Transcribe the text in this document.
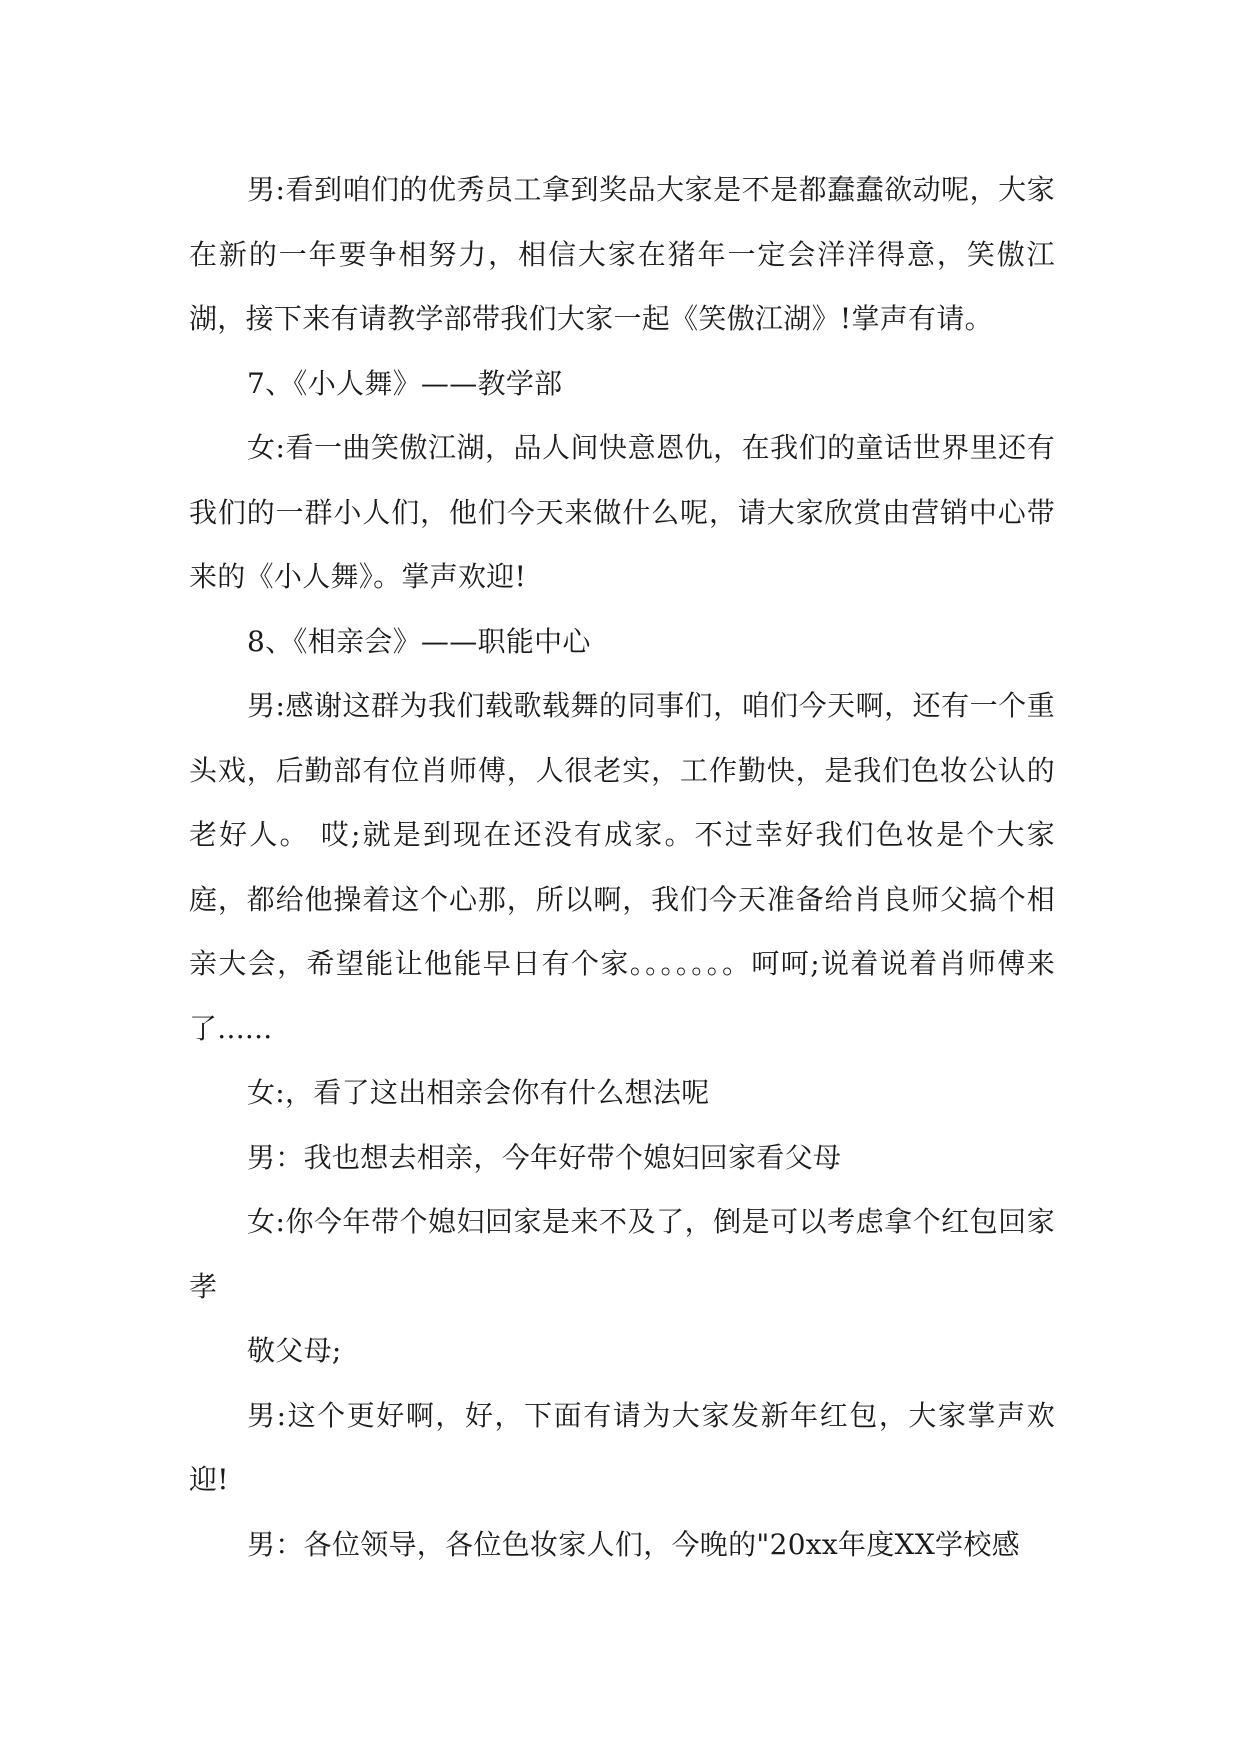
男:看到咱们的优秀员工拿到奖品大家是不是都蠢蠢欲动呢，大家在新的一年要争相努力，相信大家在猪年一定会洋洋得意，笑傲江湖，接下来有请教学部带我们大家一起《笑傲江湖》!掌声有请。

7、《小人舞》——教学部

女:看一曲笑傲江湖，品人间快意恩仇，在我们的童话世界里还有我们的一群小人们，他们今天来做什么呢，请大家欣赏由营销中心带来的《小人舞》。掌声欢迎!

8、《相亲会》——职能中心

男:感谢这群为我们载歌载舞的同事们，咱们今天啊，还有一个重头戏，后勤部有位肖师傅，人很老实，工作勤快，是我们色妆公认的老好人。 哎;就是到现在还没有成家。不过幸好我们色妆是个大家庭，都给他操着这个心那，所以啊，我们今天准备给肖良师父搞个相亲大会，希望能让他能早日有个家。。。。。。。呵呵;说着说着肖师傅来了......

女:，看了这出相亲会你有什么想法呢

男：我也想去相亲，今年好带个媳妇回家看父母

女:你今年带个媳妇回家是来不及了，倒是可以考虑拿个红包回家孝

敬父母;

男:这个更好啊，好，下面有请为大家发新年红包，大家掌声欢迎!

男：各位领导，各位色妆家人们，今晚的"20xx年度XX学校感
